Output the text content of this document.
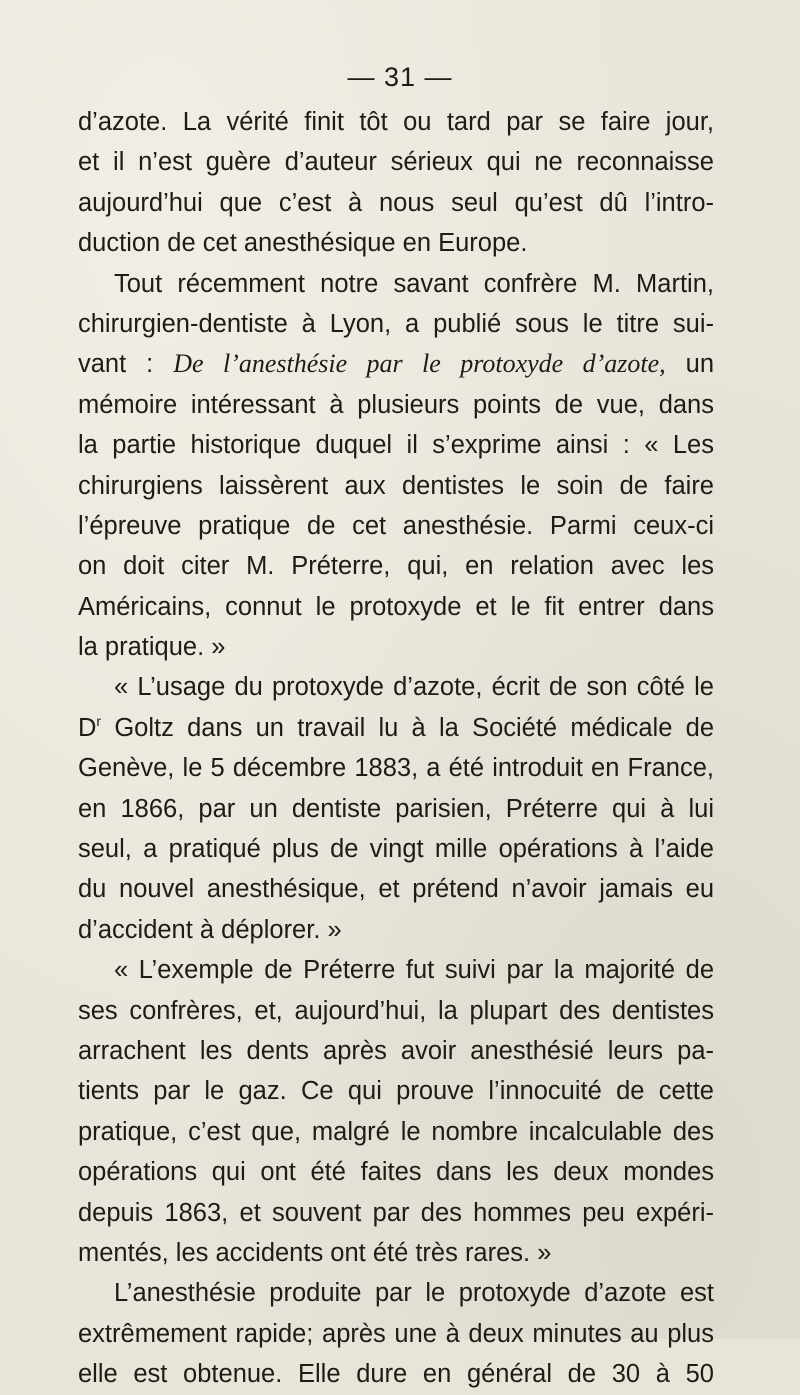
— 31 —
d’azote. La vérité finit tôt ou tard par se faire jour,
et il n’est guère d’auteur sérieux qui ne reconnaisse
aujourd’hui que c’est à nous seul qu’est dû l’intro-
duction de cet anesthésique en Europe.
Tout récemment notre savant confrère M. Martin,
chirurgien-dentiste à Lyon, a publié sous le titre sui-
vant : De l’anesthésie par le protoxyde d’azote, un
mémoire intéressant à plusieurs points de vue, dans
la partie historique duquel il s’exprime ainsi : « Les
chirurgiens laissèrent aux dentistes le soin de faire
l’épreuve pratique de cet anesthésie. Parmi ceux-ci
on doit citer M. Préterre, qui, en relation avec les
Américains, connut le protoxyde et le fit entrer dans
la pratique. »
« L’usage du protoxyde d’azote, écrit de son côté le
$D^r$ Goltz dans un travail lu à la Société médicale de
Genève, le 5 décembre 1883, a été introduit en France,
en 1866, par un dentiste parisien, Préterre qui à lui
seul, a pratiqué plus de vingt mille opérations à l’aide
du nouvel anesthésique, et prétend n’avoir jamais eu
d’accident à déplorer. »
« L’exemple de Préterre fut suivi par la majorité de
ses confrères, et, aujourd’hui, la plupart des dentistes
arrachent les dents après avoir anesthésié leurs pa-
tients par le gaz. Ce qui prouve l’innocuité de cette
pratique, c’est que, malgré le nombre incalculable des
opérations qui ont été faites dans les deux mondes
depuis 1863, et souvent par des hommes peu expéri-
mentés, les accidents ont été très rares. »
L’anesthésie produite par le protoxyde d’azote est
extrêmement rapide; après une à deux minutes au plus
elle est obtenue. Elle dure en général de 30 à 50
